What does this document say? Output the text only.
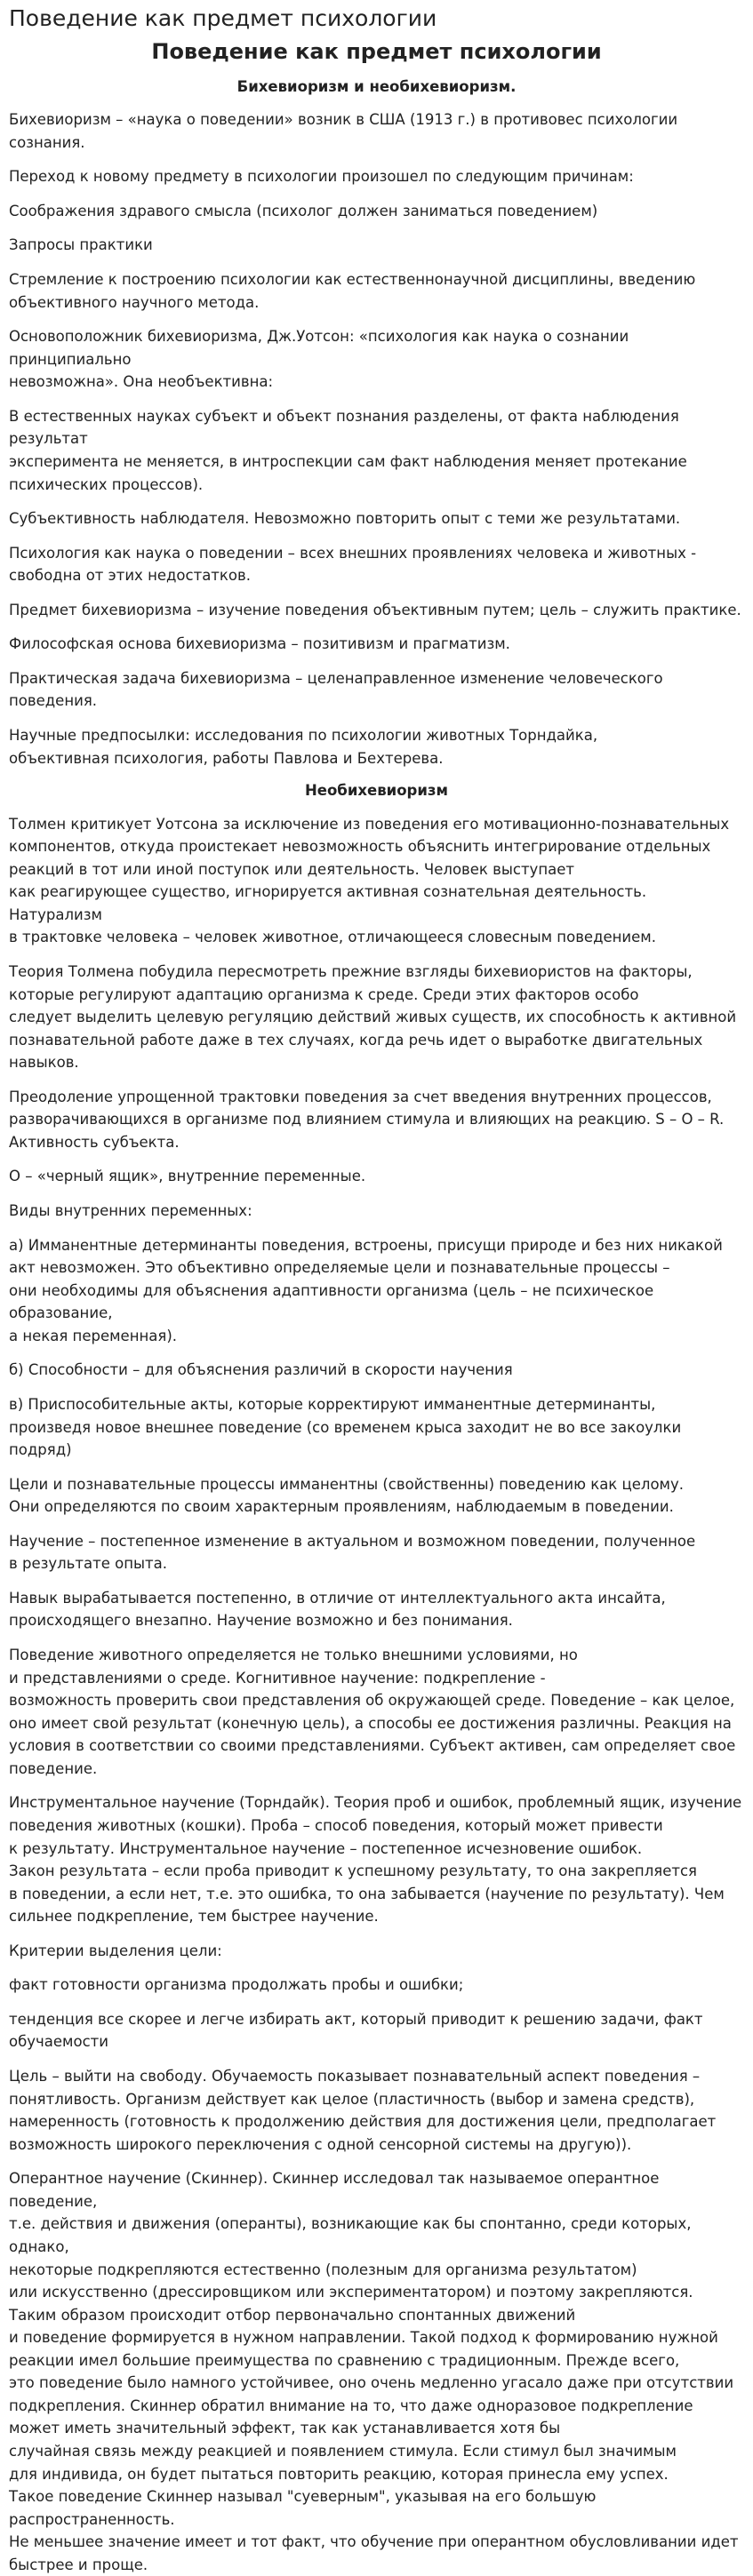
Поведение как предмет психологии
Поведение как предмет психологии
Бихевиоризм и необихевиоризм.

Бихевиоризм – «наука о поведении» возник в США (1913 г.) в противовес психологии сознания.

Переход к новому предмету в психологии произошел по следующим причинам:

Соображения здравого смысла (психолог должен заниматься поведением)

Запросы практики

Стремление к построению психологии как естественнонаучной дисциплины, введению
объективного научного метода.

Основоположник бихевиоризма, Дж.Уотсон: «психология как наука о сознании принципиально
невозможна». Она необъективна:

В естественных науках субъект и объект познания разделены, от факта наблюдения результат
эксперимента не меняется, в интроспекции сам факт наблюдения меняет протекание
психических процессов).

Субъективность наблюдателя. Невозможно повторить опыт с теми же результатами.

Психология как наука о поведении – всех внешних проявлениях человека и животных -
свободна от этих недостатков.

Предмет бихевиоризма – изучение поведения объективным путем; цель – служить практике.

Философская основа бихевиоризма – позитивизм и прагматизм.

Практическая задача бихевиоризма – целенаправленное изменение человеческого поведения.

Научные предпосылки: исследования по психологии животных Торндайка,
объективная психология, работы Павлова и Бехтерева.

Необихевиоризм

Толмен критикует Уотсона за исключение из поведения его мотивационно-познавательных
компонентов, откуда проистекает невозможность объяснить интегрирование отдельных
реакций в тот или иной поступок или деятельность. Человек выступает
как реагирующее существо, игнорируется активная сознательная деятельность. Натурализм
в трактовке человека – человек животное, отличающееся словесным поведением.

Теория Толмена побудила пересмотреть прежние взгляды бихевиористов на факторы,
которые регулируют адаптацию организма к среде. Среди этих факторов особо
следует выделить целевую регуляцию действий живых существ, их способность к активной
познавательной работе даже в тех случаях, когда речь идет о выработке двигательных
навыков.

Преодоление упрощенной трактовки поведения за счет введения внутренних процессов,
разворачивающихся в организме под влиянием стимула и влияющих на реакцию. S – O – R.
Активность субъекта.

O – «черный ящик», внутренние переменные.

Виды внутренних переменных:

а) Имманентные детерминанты поведения, встроены, присущи природе и без них никакой
акт невозможен. Это объективно определяемые цели и познавательные процессы –
они необходимы для объяснения адаптивности организма (цель – не психическое образование,
а некая переменная).

б) Способности – для объяснения различий в скорости научения

в) Приспособительные акты, которые корректируют имманентные детерминанты,
произведя новое внешнее поведение (со временем крыса заходит не во все закоулки подряд)

Цели и познавательные процессы имманентны (свойственны) поведению как целому.
Они определяются по своим характерным проявлениям, наблюдаемым в поведении.

Научение – постепенное изменение в актуальном и возможном поведении, полученное
в результате опыта.

Навык вырабатывается постепенно, в отличие от интеллектуального акта инсайта,
происходящего внезапно. Научение возможно и без понимания.

Поведение животного определяется не только внешними условиями, но
и представлениями о среде. Когнитивное научение: подкрепление -
возможность проверить свои представления об окружающей среде. Поведение – как целое,
оно имеет свой результат (конечную цель), а способы ее достижения различны. Реакция на
условия в соответствии со своими представлениями. Субъект активен, сам определяет свое
поведение.

Инструментальное научение (Торндайк). Теория проб и ошибок, проблемный ящик, изучение
поведения животных (кошки). Проба – способ поведения, который может привести
к результату. Инструментальное научение – постепенное исчезновение ошибок.
Закон результата – если проба приводит к успешному результату, то она закрепляется
в поведении, а если нет, т.е. это ошибка, то она забывается (научение по результату). Чем
сильнее подкрепление, тем быстрее научение.

Критерии выделения цели:

факт готовности организма продолжать пробы и ошибки;

тенденция все скорее и легче избирать акт, который приводит к решению задачи, факт
обучаемости

Цель – выйти на свободу. Обучаемость показывает познавательный аспект поведения –
понятливость. Организм действует как целое (пластичность (выбор и замена средств),
намеренность (готовность к продолжению действия для достижения цели, предполагает
возможность широкого переключения с одной сенсорной системы на другую)).

Оперантное научение (Скиннер). Скиннер исследовал так называемое оперантное поведение,
т.е. действия и движения (операнты), возникающие как бы спонтанно, среди которых, однако,
некоторые подкрепляются естественно (полезным для организма результатом)
или искусственно (дрессировщиком или экспериментатором) и поэтому закрепляются.
Таким образом происходит отбор первоначально спонтанных движений
и поведение формируется в нужном направлении. Такой подход к формированию нужной
реакции имел большие преимущества по сравнению с традиционным. Прежде всего,
это поведение было намного устойчивее, оно очень медленно угасало даже при отсутствии
подкрепления. Скиннер обратил внимание на то, что даже одноразовое подкрепление
может иметь значительный эффект, так как устанавливается хотя бы
случайная связь между реакцией и появлением стимула. Если стимул был значимым
для индивида, он будет пытаться повторить реакцию, которая принесла ему успех.
Такое поведение Скиннер называл "суеверным", указывая на его большую распространенность.
Не меньшее значение имеет и тот факт, что обучение при оперантном обусловливании идет
быстрее и проще.
